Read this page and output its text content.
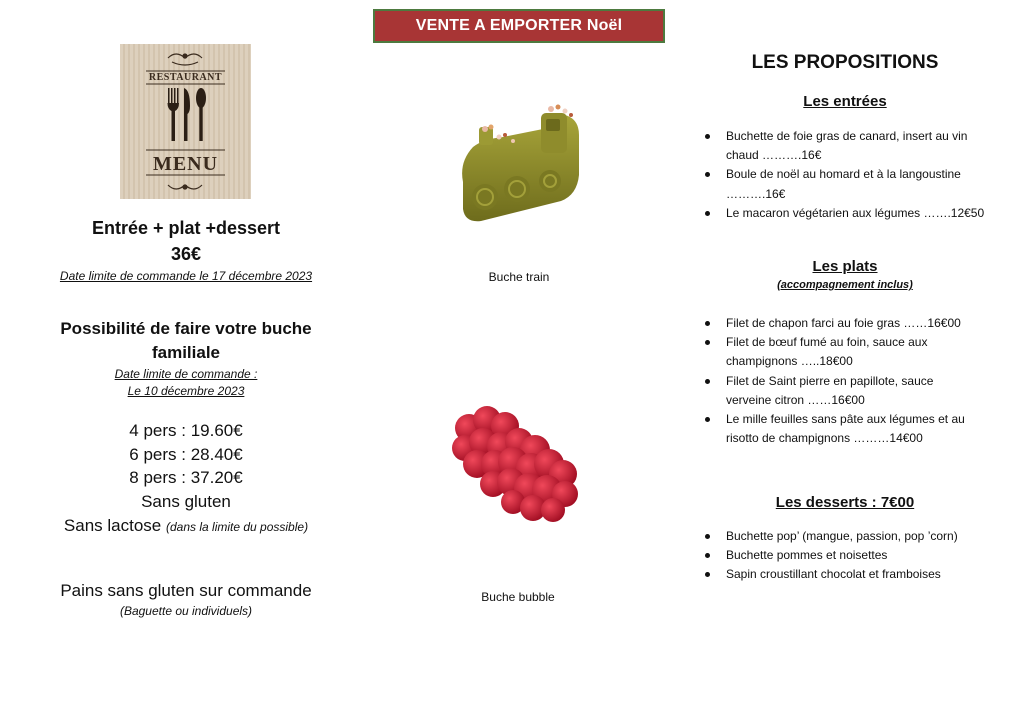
VENTE A EMPORTER Noël
RESTAURANT
MENU
Entrée + plat +dessert
36€
Date limite de commande le 17 décembre 2023
Possibilité de faire votre buche
familiale
Date limite de commande :
Le 10 décembre 2023
4 pers : 19.60€
6 pers : 28.40€
8 pers : 37.20€
Sans gluten
Sans lactose (dans la limite du possible)
Pains sans gluten sur commande
(Baguette ou individuels)
Buche train
Buche bubble
LES PROPOSITIONS
Les entrées
Buchette de foie gras de canard, insert au vin
chaud ……….16€
Boule de noël au homard et à la langoustine
……….16€
Le macaron végétarien aux légumes …….12€50
Les plats
(accompagnement inclus)
Filet de chapon farci au foie gras ……16€00
Filet de bœuf fumé au foin, sauce aux
champignons …..18€00
Filet de Saint pierre en papillote, sauce
verveine citron ……16€00
Le mille feuilles sans pâte aux légumes et au
risotto de champignons ………14€00
Les desserts : 7€00
Buchette pop’ (mangue, passion, pop ’corn)
Buchette pommes et noisettes
Sapin croustillant chocolat et framboises
